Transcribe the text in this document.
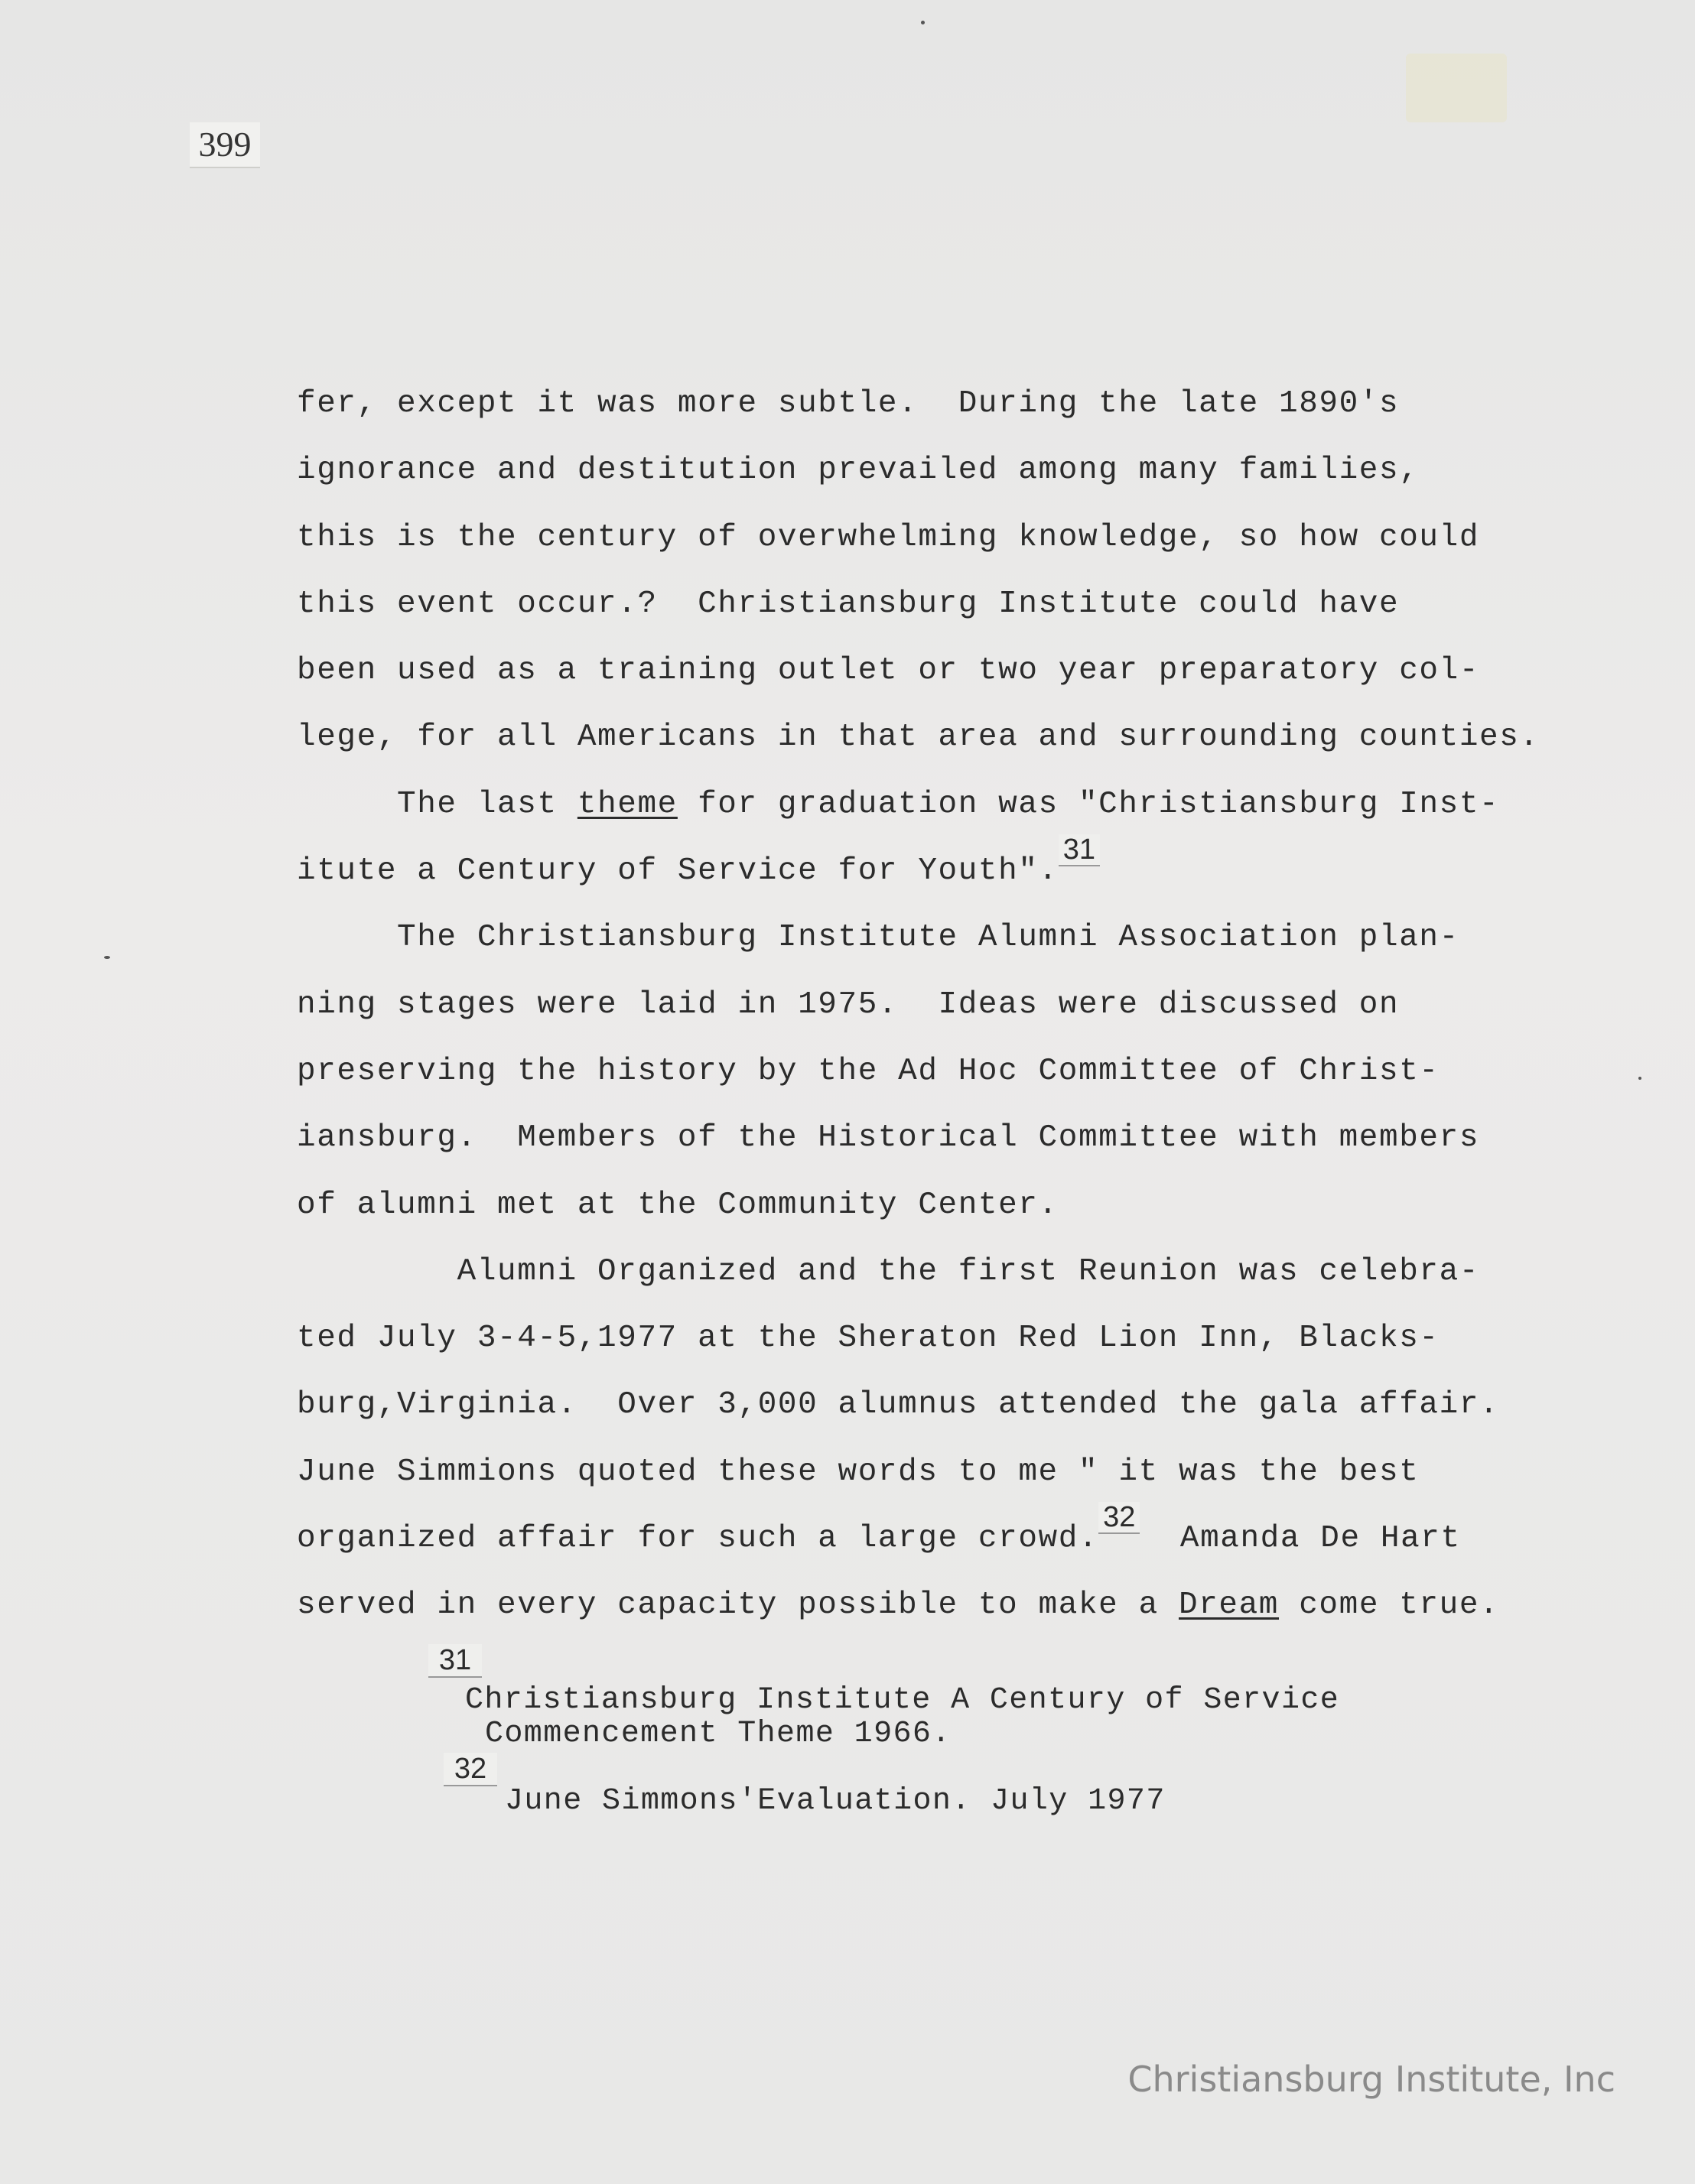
399
fer, except it was more subtle.  During the late 1890's
ignorance and destitution prevailed among many families,
this is the century of overwhelming knowledge, so how could
this event occur.?  Christiansburg Institute could have
been used as a training outlet or two year preparatory col-
lege, for all Americans in that area and surrounding counties.
The last theme for graduation was "Christiansburg Inst-
itute a Century of Service for Youth".31
The Christiansburg Institute Alumni Association plan-
ning stages were laid in 1975.  Ideas were discussed on
preserving the history by the Ad Hoc Committee of Christ-
iansburg.  Members of the Historical Committee with members
of alumni met at the Community Center.
Alumni Organized and the first Reunion was celebra-
ted July 3-4-5,1977 at the Sheraton Red Lion Inn, Blacks-
burg,Virginia.  Over 3,000 alumnus attended the gala affair.
June Simmions quoted these words to me " it was the best
organized affair for such a large crowd.32  Amanda De Hart
served in every capacity possible to make a Dream come true.
31
Christiansburg Institute A Century of Service
Commencement Theme 1966.
32
June Simmons'Evaluation. July 1977
Christiansburg Institute, Inc
